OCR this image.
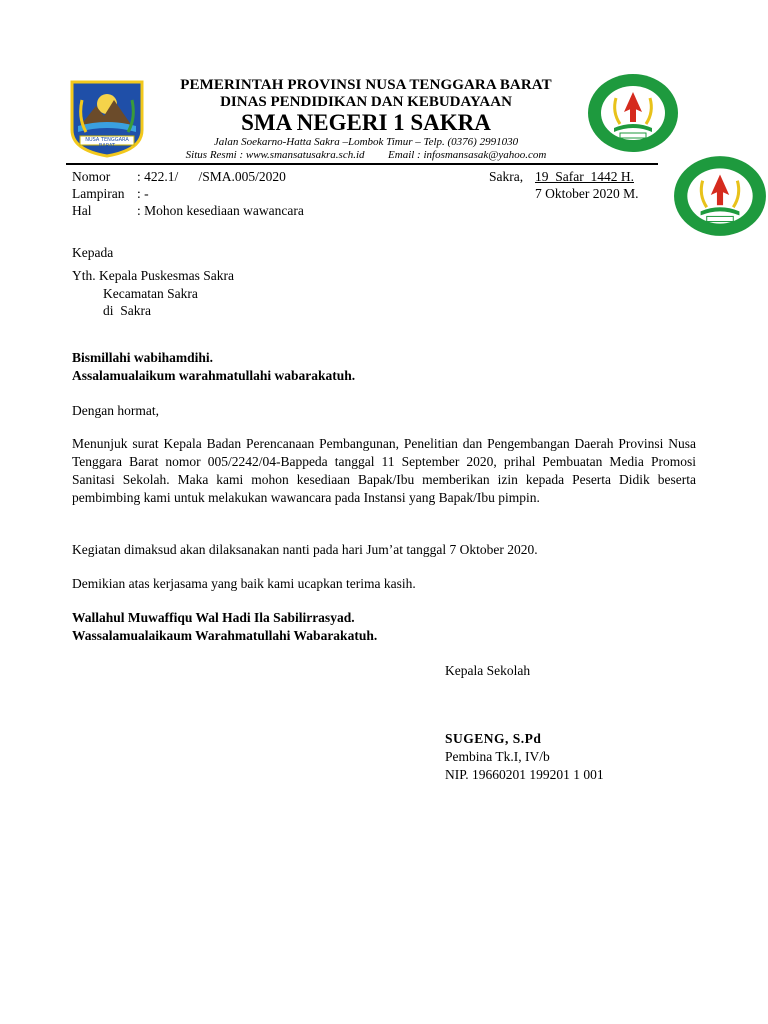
NUSA TENGGARA BARAT
PEMERINTAH PROVINSI NUSA TENGGARA BARAT
DINAS PENDIDIKAN DAN KEBUDAYAAN
SMA NEGERI 1 SAKRA
Jalan Soekarno-Hatta Sakra –Lombok Timur – Telp. (0376) 2991030
Situs Resmi : www.smansatusakra.sch.id Email : infosmansasak@yahoo.com
Nomor : 422.1/      /SMA.005/2020
Lampiran : -
Hal	: Mohon kesediaan wawancara
Sakra, 19  Safar  1442 H.
7 Oktober 2020 M.
Kepada
Yth. Kepala Puskesmas Sakra
Kecamatan Sakra
di  Sakra
Bismillahi wabihamdihi.
Assalamualaikum warahmatullahi wabarakatuh.
Dengan hormat,
Menunjuk surat Kepala Badan Perencanaan Pembangunan, Penelitian dan Pengembangan Daerah Provinsi Nusa Tenggara Barat nomor 005/2242/04-Bappeda tanggal 11 September 2020, prihal Pembuatan Media Promosi Sanitasi Sekolah. Maka kami mohon kesediaan Bapak/Ibu memberikan izin kepada Peserta Didik beserta pembimbing kami untuk melakukan wawancara pada Instansi yang Bapak/Ibu pimpin.
Kegiatan dimaksud akan dilaksanakan nanti pada hari Jum’at tanggal 7 Oktober 2020.
Demikian atas kerjasama yang baik kami ucapkan terima kasih.
Wallahul Muwaffiqu Wal Hadi Ila Sabilirrasyad.
Wassalamualaikaum Warahmatullahi Wabarakatuh.
Kepala Sekolah
SUGENG, S.Pd
Pembina Tk.I, IV/b
NIP. 19660201 199201 1 001
